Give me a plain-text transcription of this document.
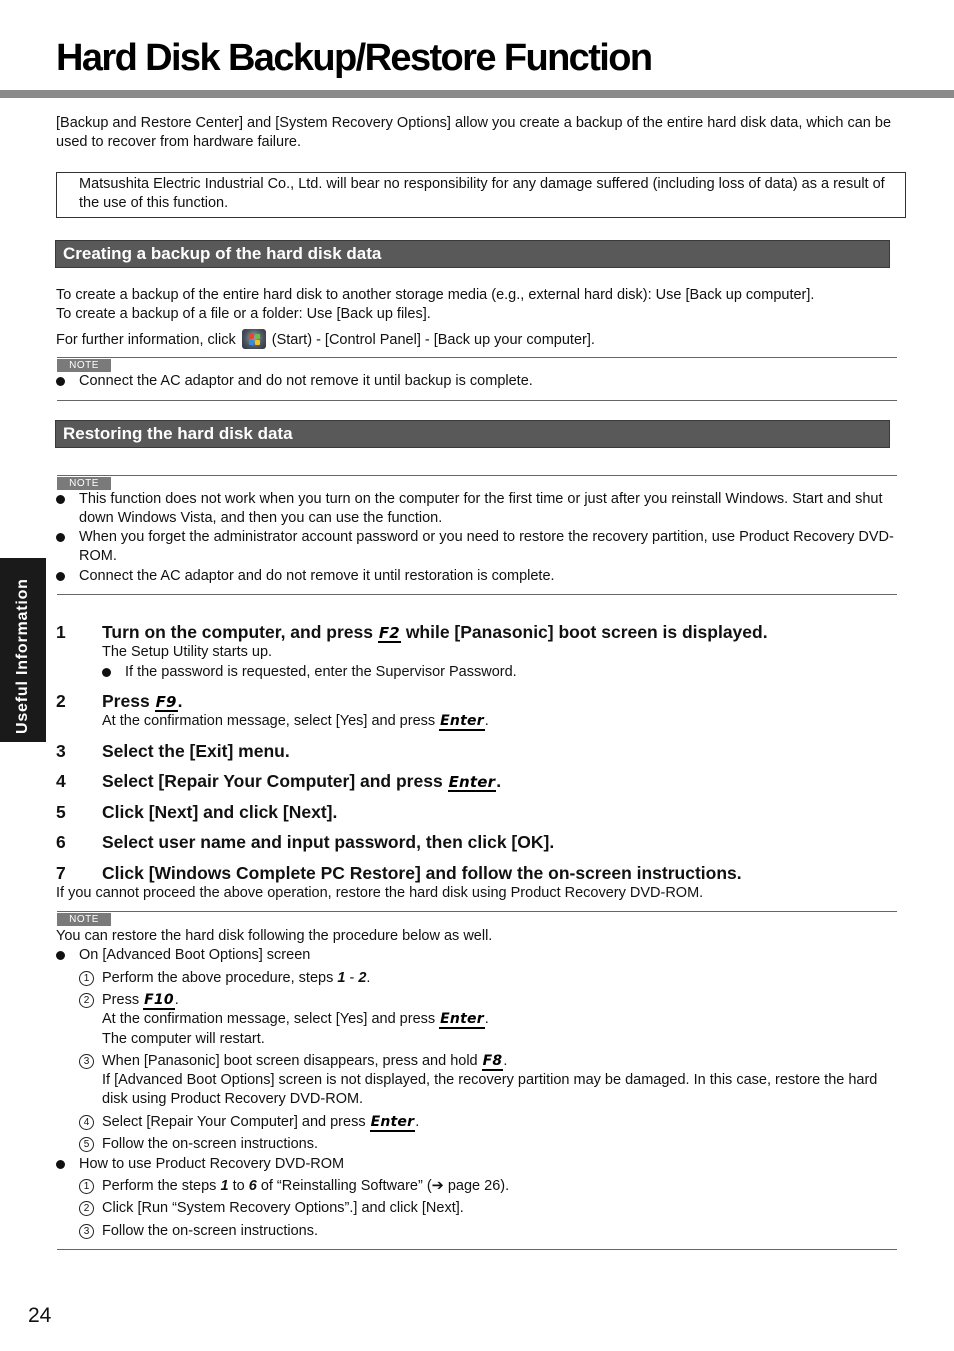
Hard Disk Backup/Restore Function
[Backup and Restore Center] and [System Recovery Options] allow you create a backup of the entire hard disk data, which can be used to recover from hardware failure.
Matsushita Electric Industrial Co., Ltd. will bear no responsibility for any damage suffered (including loss of data) as a result of the use of this function.
Creating a backup of the hard disk data
To create a backup of the entire hard disk to another storage media (e.g., external hard disk): Use [Back up computer].
To create a backup of a file or a folder: Use [Back up files].
For further information, click (Start) - [Control Panel] - [Back up your computer].
NOTE
Connect the AC adaptor and do not remove it until backup is complete.
Restoring the hard disk data
NOTE
This function does not work when you turn on the computer for the first time or just after you reinstall Windows. Start and shut down Windows Vista, and then you can use the function.
When you forget the administrator account password or you need to restore the recovery partition, use Product Recovery DVD-ROM.
Connect the AC adaptor and do not remove it until restoration is complete.
1 Turn on the computer, and press F2 while [Panasonic] boot screen is displayed.
The Setup Utility starts up.
If the password is requested, enter the Supervisor Password.
2 Press F9.
At the confirmation message, select [Yes] and press Enter.
3 Select the [Exit] menu.
4 Select [Repair Your Computer] and press Enter.
5 Click [Next] and click [Next].
6 Select user name and input password, then click [OK].
7 Click [Windows Complete PC Restore] and follow the on-screen instructions.
If you cannot proceed the above operation, restore the hard disk using Product Recovery DVD-ROM.
NOTE
You can restore the hard disk following the procedure below as well.
On [Advanced Boot Options] screen
1 Perform the above procedure, steps 1 - 2.
2 Press F10.
At the confirmation message, select [Yes] and press Enter.
The computer will restart.
3 When [Panasonic] boot screen disappears, press and hold F8.
If [Advanced Boot Options] screen is not displayed, the recovery partition may be damaged. In this case, restore the hard disk using Product Recovery DVD-ROM.
4 Select [Repair Your Computer] and press Enter.
5 Follow the on-screen instructions.
How to use Product Recovery DVD-ROM
1 Perform the steps 1 to 6 of “Reinstalling Software” (➔ page 26).
2 Click [Run “System Recovery Options”.] and click [Next].
3 Follow the on-screen instructions.
Useful Information
24
